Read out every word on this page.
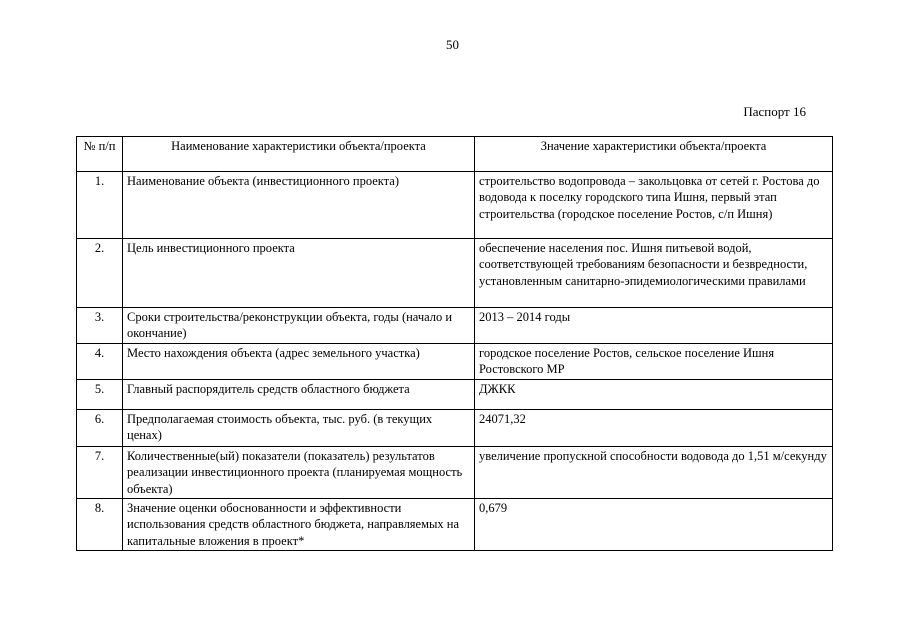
50
Паспорт 16
№ п/п	Наименование характеристики объекта/проекта	Значение характеристики объекта/проекта
1.	Наименование объекта (инвестиционного проекта)	строительство водопровода – закольцовка от сетей г. Ростова до водовода к поселку городского типа Ишня, первый этап строительства (городское поселение Ростов, с/п Ишня)
2.	Цель инвестиционного проекта	обеспечение населения пос. Ишня питьевой водой, соответствующей требованиям безопасности и безвредности, установленным санитарно-эпидемиологическими правилами
3.	Сроки строительства/реконструкции объекта, годы (начало и окончание)	2013 – 2014 годы
4.	Место нахождения объекта (адрес земельного участка)	городское поселение Ростов, сельское поселение Ишня Ростовского МР
5.	Главный распорядитель средств областного бюджета	ДЖКК
6.	Предполагаемая стоимость объекта, тыс. руб. (в текущих ценах)	24071,32
7.	Количественные(ый) показатели (показатель) результатов реализации инвестиционного проекта (планируемая мощность объекта)	увеличение пропускной способности водовода до 1,51 м/секунду
8.	Значение оценки обоснованности и эффективности использования средств областного бюджета, направляемых на капитальные вложения в проект*	0,679
